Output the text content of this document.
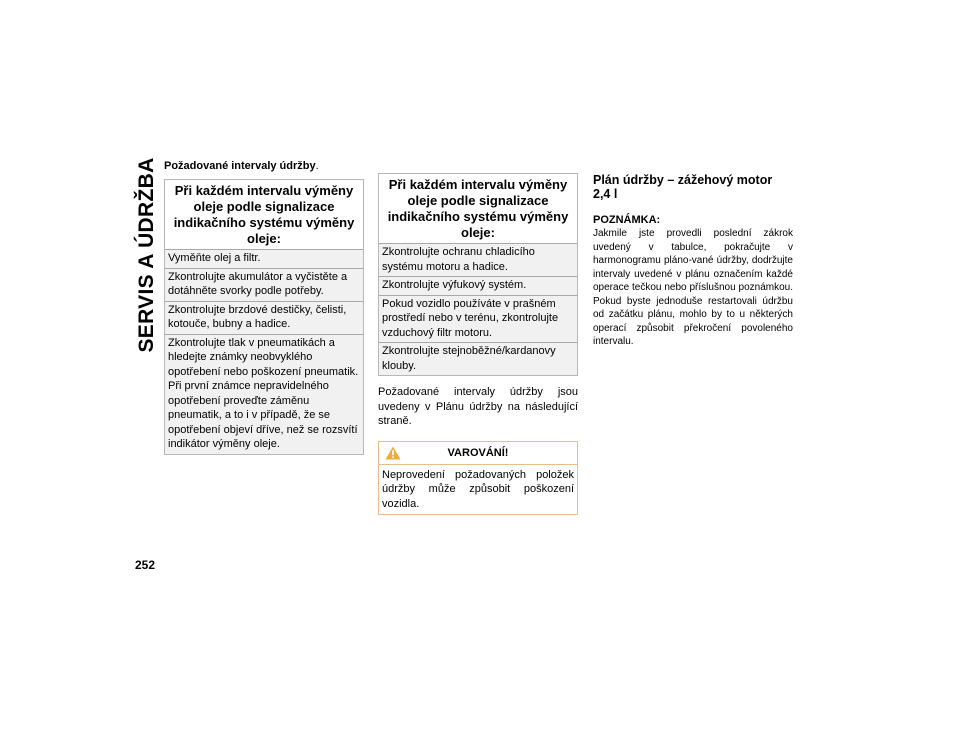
SERVIS A ÚDRŽBA
252

Požadované intervaly údržby.

Při každém intervalu výměny oleje podle signalizace indikačního systému výměny oleje:
Vyměňte olej a filtr.
Zkontrolujte akumulátor a vyčistěte a dotáhněte svorky podle potřeby.
Zkontrolujte brzdové destičky, čelisti, kotouče, bubny a hadice.
Zkontrolujte tlak v pneumatikách a hledejte známky neobvyklého opotřebení nebo poškození pneumatik. Při první známce nepravidelného opotřebení proveďte záměnu pneumatik, a to i v případě, že se opotřebení objeví dříve, než se rozsvítí indikátor výměny oleje.
Při každém intervalu výměny oleje podle signalizace indikačního systému výměny oleje:
Zkontrolujte ochranu chladicího systému motoru a hadice.
Zkontrolujte výfukový systém.
Pokud vozidlo používáte v prašném prostředí nebo v terénu, zkontrolujte vzduchový filtr motoru.
Zkontrolujte stejnoběžné/kardanovy klouby.

Požadované intervaly údržby jsou uvedeny v Plánu údržby na následující straně.

VAROVÁNÍ!
Neprovedení požadovaných položek údržby může způsobit poškození vozidla.
Plán údržby – zážehový motor 2,4 l
POZNÁMKA:

Jakmile jste provedli poslední zákrok uvedený v tabulce, pokračujte v harmonogramu pláno-vané údržby, dodržujte intervaly uvedené v plánu označením každé operace tečkou nebo příslušnou poznámkou. Pokud byste jednoduše restartovali údržbu od začátku plánu, mohlo by to u některých operací způsobit překročení povoleného intervalu.
